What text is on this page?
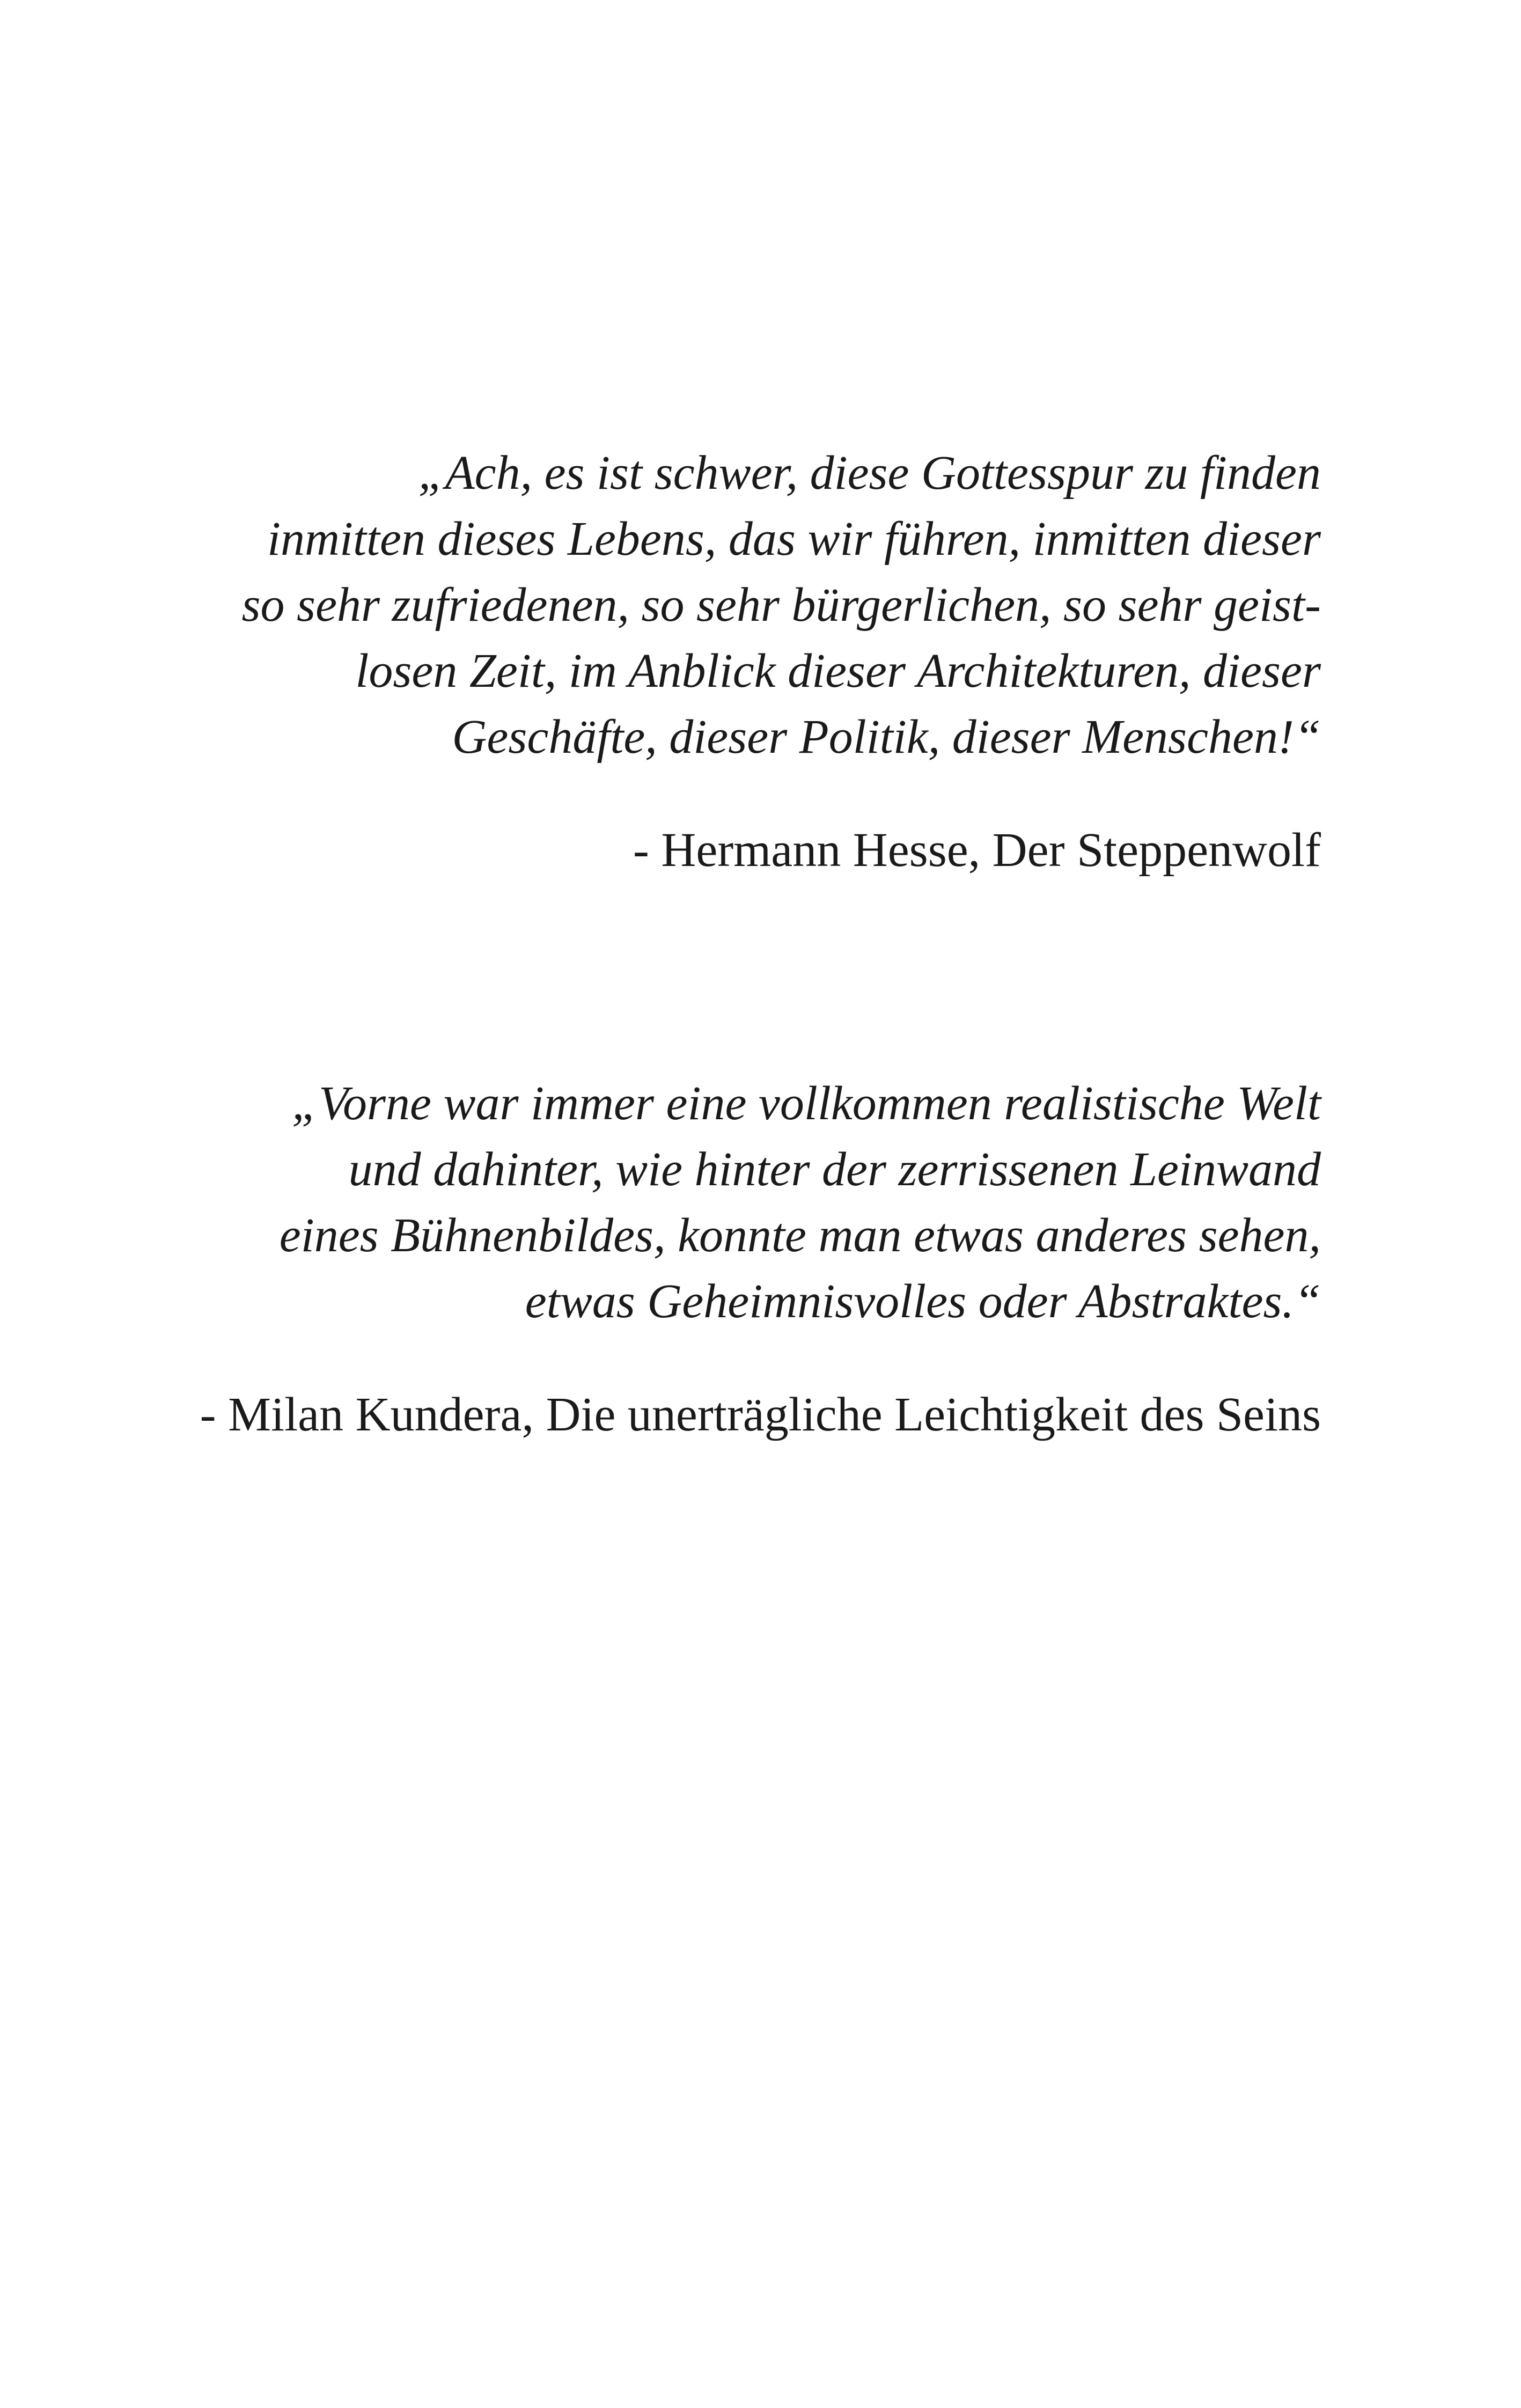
„Ach, es ist schwer, diese Gottesspur zu finden
inmitten dieses Lebens, das wir führen, inmitten dieser
so sehr zufriedenen, so sehr bürgerlichen, so sehr geist-
losen Zeit, im Anblick dieser Architekturen, dieser
Geschäfte, dieser Politik, dieser Menschen!“
- Hermann Hesse, Der Steppenwolf
„Vorne war immer eine vollkommen realistische Welt
und dahinter, wie hinter der zerrissenen Leinwand
eines Bühnenbildes, konnte man etwas anderes sehen,
etwas Geheimnisvolles oder Abstraktes.“
- Milan Kundera, Die unerträgliche Leichtigkeit des Seins
